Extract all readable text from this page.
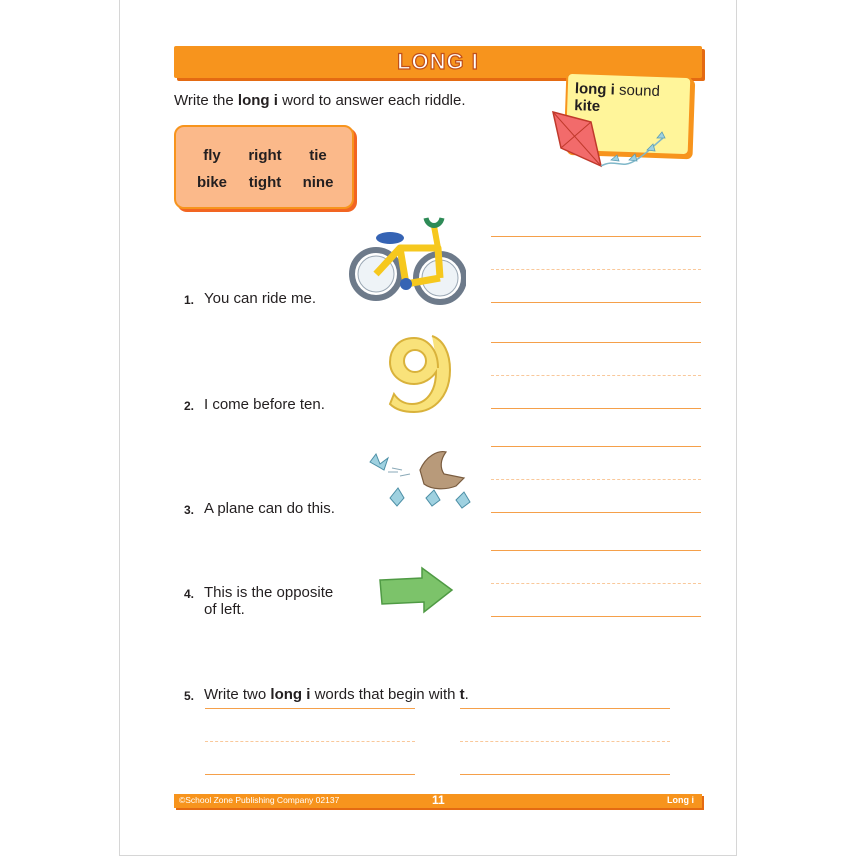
LONG I
Write the long i word to answer each riddle.
long i sound
kite
fly	right	tie
bike	tight	nine
1. You can ride me.
2. I come before ten.
3. A plane can do this.
4. This is the opposite
of left.
5. Write two long i words that begin with t.
©School Zone Publishing Company 02137	11	Long i
